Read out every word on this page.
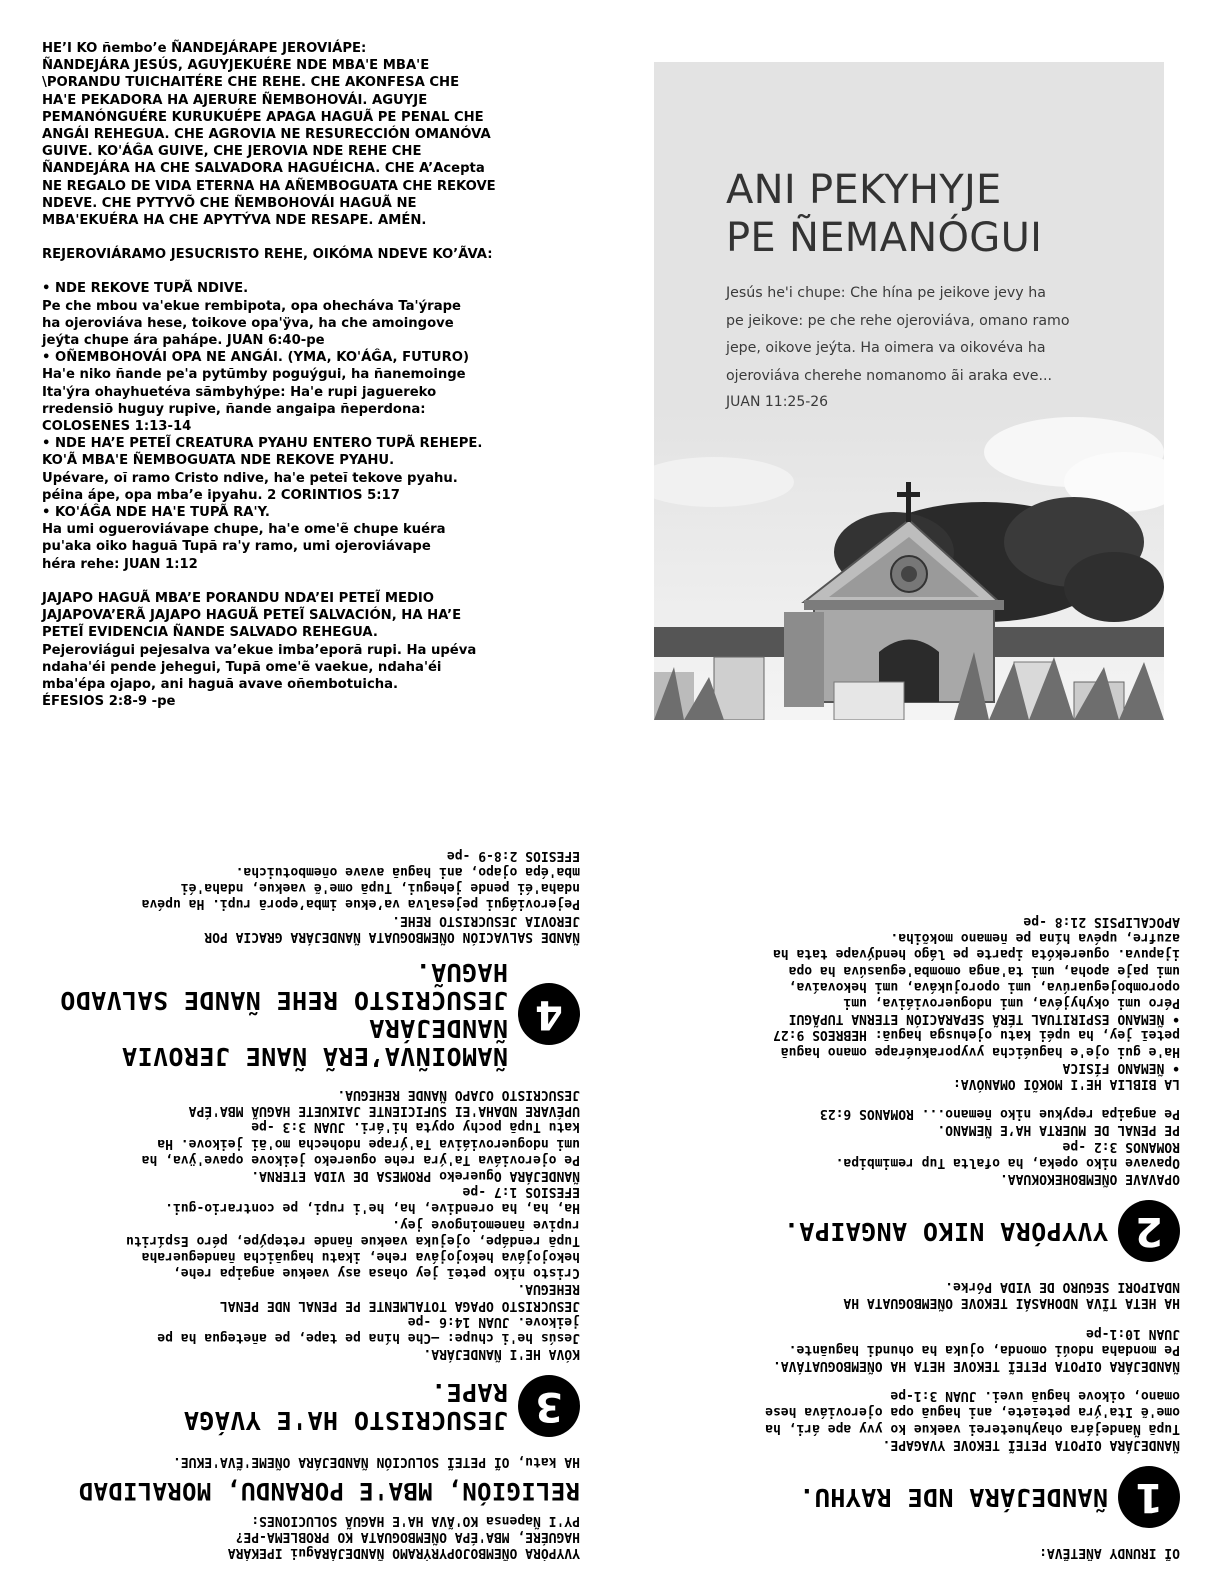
HE’I KO ñembo’e ÑANDEJÁRAPE JEROVIÁPE:
ÑANDEJÁRA JESÚS, AGUYJEKUÉRE NDE MBA'E MBA'E
\PORANDU TUICHAITÉRE CHE REHE. CHE AKONFESA CHE
HA'E PEKADORA HA AJERURE ÑEMBOHOVÁI. AGUYJE
PEMANÓNGUÉRE KURUKUÉPE APAGA HAGUÃ PE PENAL CHE
ANGÁI REHEGUA. CHE AGROVIA NE RESURECCIÓN OMANÓVA
GUIVE. KO'ÁĜA GUIVE, CHE JEROVIA NDE REHE CHE
ÑANDEJÁRA HA CHE SALVADORA HAGUÉICHA. CHE A’Acepta
NE REGALO DE VIDA ETERNA HA AÑEMBOGUATA CHE REKOVE
NDEVE. CHE PYTYVÕ CHE ÑEMBOHOVÁI HAGUÃ NE
MBA'EKUÉRA HA CHE APYTÝVA NDE RESAPE. AMÉN.

REJEROVIÁRAMO JESUCRISTO REHE, OIKÓMA NDEVE KO’ÃVA:

• NDE REKOVE TUPÃ NDIVE.
Pe che mbou va'ekue rembipota, opa ohecháva Ta'ýrape
ha ojeroviáva hese, toikove opa'ÿva, ha che amoingove
jeýta chupe ára paháре. JUAN 6:40-pe
• OÑEMBOHOVÁI OPA NE ANGÁI. (YMA, KO'ÁĜA, FUTURO)
Ha'e niko ñande pe'a pytũmby poguýgui, ha ñanemoinge
Ita'ýra ohayhuetéva sãmbyhýpe: Ha'e rupi jaguereko
rredensiõ huguy rupive, ñande angaipa ñeperdona:
COLOSENES 1:13-14
• NDE HA’E PETEĨ CREATURA PYAHU ENTERO TUPÃ REHEPE.
KO'Ã MBA'E ÑEMBOGUATA NDE REKOVE PYAHU.
Upévare, oĩ ramo Cristo ndive, ha'e peteĩ tekove pyahu.
péina ápe, opa mba’e ipyahu. 2 CORINTIOS 5:17
• KO'ÁĜA NDE HA'E TUPÃ RA'Y.
Ha umi ogueroviávape chupe, ha'e ome'ẽ chupe kuéra
pu'aka oiko haguã Tupã ra'y ramo, umi ojeroviávape
héra rehe: JUAN 1:12

JAJAPO HAGUÃ MBA’E PORANDU NDA’EI PETEĨ MEDIO
JAJAPOVA’ERÃ JAJAPO HAGUÃ PETEĨ SALVACIÓN, HA HA’E
PETEĨ EVIDENCIA ÑANDE SALVADO REHEGUA.
Pejeroviágui pejesalva va’ekue imba’eporã rupi. Ha upéva
ndaha'éi pende jehegui, Tupã ome'ẽ vaekue, ndaha'éi
mba'épa ojapo, ani haguã avave oñembotuicha.
ÉFESIOS 2:8-9 -pe

ANI PEKYHYJE
PE ÑEMANÓGUI
Jesús he'i chupe: Che hína pe jeikove jevy ha
pe jeikove: pe che rehe ojeroviáva, omano ramo
jepe, oikove jeýta. Ha oimera va oikovéva ha
ojeroviáva cherehe nomanomo ãi araka eve...
JUAN 11:25-26

OĨ IRUNDY AÑETẼVA:

1
ÑANDEJÁRA NDE RAYHU.

ÑANDEJÁRA OIPOTA PETEĨ TEKOVE YVAGAPE.
Tupã Ñandejára ohayhueterei vaekue ko yvy ape ári, ha
ome'ẽ Ita'ýra peteĩete, ani haguã opa ojeroviáva hese
omano, oikove haguã uvei. JUAN 3:1-pe

ÑANDEJÁRA OIPOTA PETEĨ TEKOVE HETA HA OÑEMBOGUATÁVA.
Pe mondaha ndoúi omonda, ojuka ha ohundi haguãnte.
JUAN 10:1-pe

HA HETA TĨVA NDOHASÁI TEKOVE OÑEMBOGUATA HA
NDAIPORI SEGURO DE VIDA Pórke.

2
YVYPÓRA NIKO ANGAIPA.

OPAVAVE OÑEMBOHEKOKUAA.
Opavave niko opeka, ha ofalta Tup remimbipa.
ROMANOS 3:2 -pe
PE PENAL DE MUERTA HA’E ÑEMANO.
Pe angaipa repykue niko ñemano... ROMANOS 6:23

LA BIBLIA HE'I MOKÕI OMANÓVA:
• ÑEMANO FÍSICA
Ha'e gui oje'e haguéicha yvyporakuérape omano haguã
peteĩ jey, ha upéi katu ojehusga haguã: HEBREOS 9:27
• ÑEMANO ESPIRITUAL TÉRÃ SEPARACIÓN ETERNA TUPÃGUI
Péro umi okyhyjéva, umi ndogueroviáiva, umi
oporomboje​guarúva, umi oporojukáva, umi hekovaíva,
umi paje apoha, umi ta'anga omomba'eguasúva ha opa
ijapuva. oguerekóta iparte pe lágo hendývape tata ha
azufre, upéva hína pe ñemano mokõiha.
APOCALIPSIS 21:8 -pe

YVYPÓRA OÑEMBOJOPYRÝRAMO ÑANDEJÁRAgui IPEKÁRA
HAGUÉRE, MBA'ÉPA OÑEMBOGUATA KO PROBLEMA-PE?
PY'I Ñapensa KO'ÃVA HA'E HAGUÃ SOLUCIONES:

RELIGIÓN, MBA'E PORANDU, MORALIDAD

HA katu, OĨ PETEĨ SOLUCIÓN ÑANDEJÁRA OÑEME'ẼVA'EKUE.

3
JESUCRISTO HA'E YVÁGA
RAPE.

KÓVA HE'I ÑANDEJÁRA.
Jesús he'i chupe: —Che hína pe tape, pe añetegua ha pe
jeikove. JUAN 14:6 -pe
JESUCRISTO OPAGA TOTALMENTE PE PENAL NDE PENAL
REHEGUA.
Cristo niko peteĩ jey ohasa asy vaekue angaipa rehe,
hekojojáva hekojojáva rehe, ikatu haguãicha ñandegueraha
Tupã rendápe, ojejuka vaekue ñande retepýpe, péro Espíritu
rupive ñanemoingove jey.
Ha, ha, ha orendive, ha, he'i rupi, pe contrario-gui.
EFESIOS 1:7 -pe
ÑANDEJÁRA Oguereko PROMESA DE VIDA ETERNA.
Pe ojeroviáva Ta'ýra rehe oguereko jeikove opave'ÿva, ha
umi ndogueroviáiva Ta'ýrape ndohecha mo'ãi jeikove. Ha
katu Tupã pochy opyta hi'ári. JUAN 3:3 -pe
UPÉVARE NDAHA'EI SUFICIENTE JAIKUETE HAGUÃ MBA'ÉPA
JESUCRISTO OJAPO ÑANDE REHEGUA.

4
ÑAMOIÑVA’ERÃ ÑANE JEROVIA ÑANDEJÁRA
JESUCRISTO REHE ÑANDE SALVADO HAGUÃ.

ÑANDE SALVACIÓN OÑEMBOGUATA ÑANDEJÁRA GRACIA POR
JEROVIA JESUCRISTO REHE.
Pejeroviágui pejesalva va’ekue imba’eporã rupi. Ha upéva
ndaha'éi pende jehegui, Tupã ome'ẽ vaekue, ndaha'éi
mba'épa ojapo, ani haguã avave oñembotuicha.
EFESIOS 2:8-9 -pe
